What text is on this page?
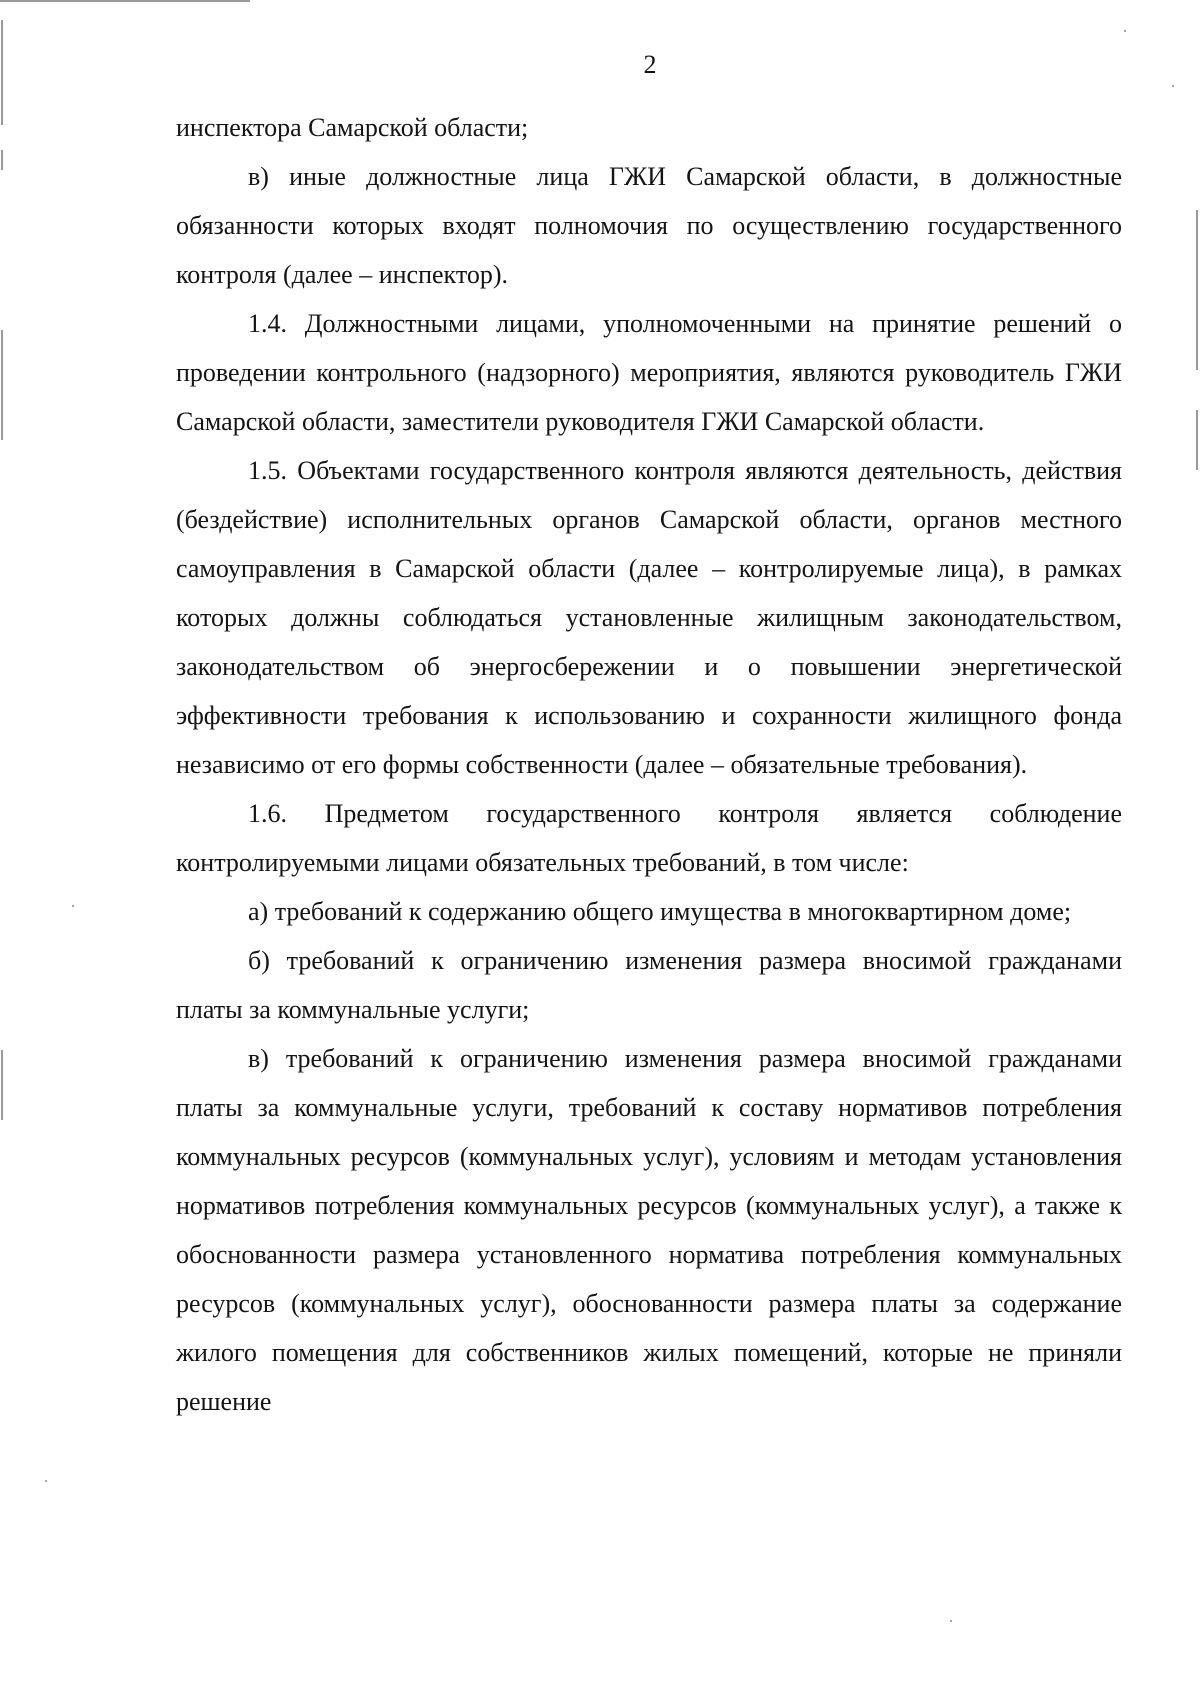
2

инспектора Самарской области;

в) иные должностные лица ГЖИ Самарской области, в должностные обязанности которых входят полномочия по осуществлению государственного контроля (далее – инспектор).

1.4. Должностными лицами, уполномоченными на принятие решений о проведении контрольного (надзорного) мероприятия, являются руководитель ГЖИ Самарской области, заместители руководителя ГЖИ Самарской области.

1.5. Объектами государственного контроля являются деятельность, действия (бездействие) исполнительных органов Самарской области, органов местного самоуправления в Самарской области (далее – контролируемые лица), в рамках которых должны соблюдаться установленные жилищным законодательством, законодательством об энергосбережении и о повышении энергетической эффективности требования к использованию и сохранности жилищного фонда независимо от его формы собственности (далее – обязательные требования).

1.6. Предметом государственного контроля является соблюдение контролируемыми лицами обязательных требований, в том числе:

а) требований к содержанию общего имущества в многоквартирном доме;

б) требований к ограничению изменения размера вносимой гражданами платы за коммунальные услуги;

в) требований к ограничению изменения размера вносимой гражданами платы за коммунальные услуги, требований к составу нормативов потребления коммунальных ресурсов (коммунальных услуг), условиям и методам установления нормативов потребления коммунальных ресурсов (коммунальных услуг), а также к обоснованности размера установленного норматива потребления коммунальных ресурсов (коммунальных услуг), обоснованности размера платы за содержание жилого помещения для собственников жилых помещений, которые не приняли решение
